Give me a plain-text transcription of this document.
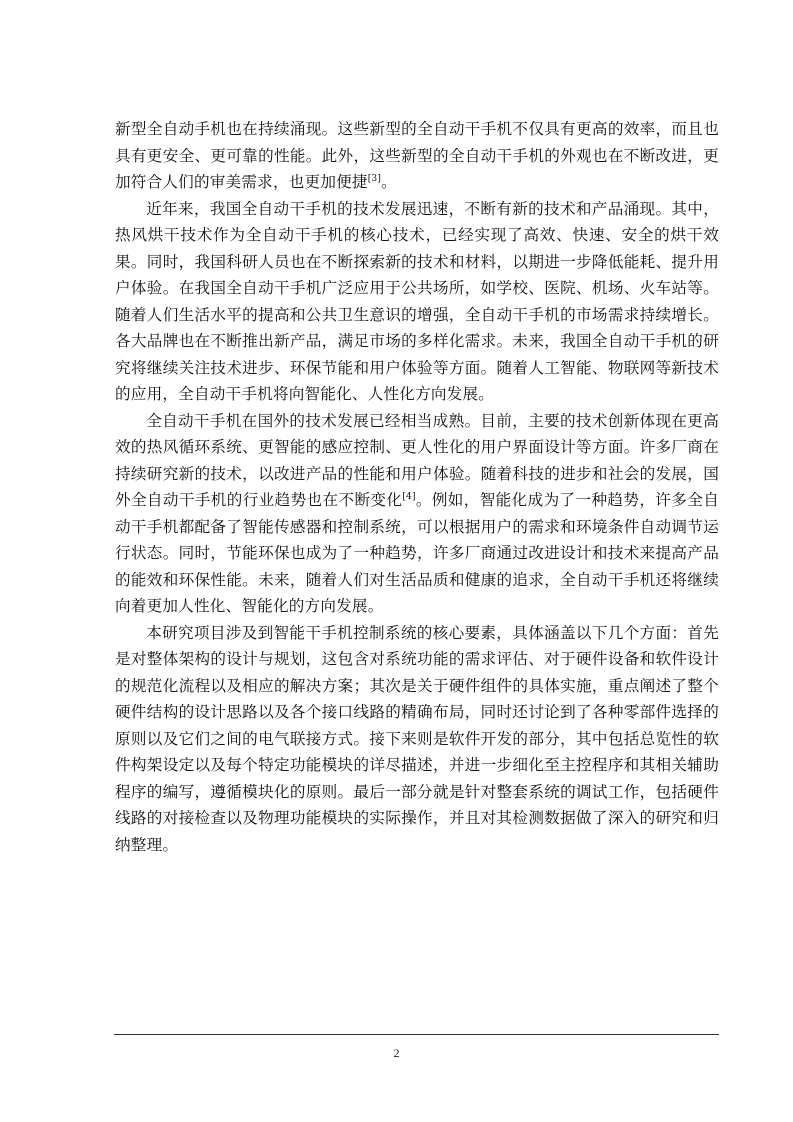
新型全自动手机也在持续涌现。这些新型的全自动干手机不仅具有更高的效率，而且也具有更安全、更可靠的性能。此外，这些新型的全自动干手机的外观也在不断改进，更加符合人们的审美需求，也更加便捷[3]。

近年来，我国全自动干手机的技术发展迅速，不断有新的技术和产品涌现。其中，热风烘干技术作为全自动干手机的核心技术，已经实现了高效、快速、安全的烘干效果。同时，我国科研人员也在不断探索新的技术和材料，以期进一步降低能耗、提升用户体验。在我国全自动干手机广泛应用于公共场所，如学校、医院、机场、火车站等。随着人们生活水平的提高和公共卫生意识的增强，全自动干手机的市场需求持续增长。各大品牌也在不断推出新产品，满足市场的多样化需求。未来，我国全自动干手机的研究将继续关注技术进步、环保节能和用户体验等方面。随着人工智能、物联网等新技术的应用，全自动干手机将向智能化、人性化方向发展。

全自动干手机在国外的技术发展已经相当成熟。目前，主要的技术创新体现在更高效的热风循环系统、更智能的感应控制、更人性化的用户界面设计等方面。许多厂商在持续研究新的技术，以改进产品的性能和用户体验。随着科技的进步和社会的发展，国外全自动干手机的行业趋势也在不断变化[4]。例如，智能化成为了一种趋势，许多全自动干手机都配备了智能传感器和控制系统，可以根据用户的需求和环境条件自动调节运行状态。同时，节能环保也成为了一种趋势，许多厂商通过改进设计和技术来提高产品的能效和环保性能。未来，随着人们对生活品质和健康的追求，全自动干手机还将继续向着更加人性化、智能化的方向发展。

本研究项目涉及到智能干手机控制系统的核心要素，具体涵盖以下几个方面：首先是对整体架构的设计与规划，这包含对系统功能的需求评估、对于硬件设备和软件设计的规范化流程以及相应的解决方案；其次是关于硬件组件的具体实施，重点阐述了整个硬件结构的设计思路以及各个接口线路的精确布局，同时还讨论到了各种零部件选择的原则以及它们之间的电气联接方式。接下来则是软件开发的部分，其中包括总览性的软件构架设定以及每个特定功能模块的详尽描述，并进一步细化至主控程序和其相关辅助程序的编写，遵循模块化的原则。最后一部分就是针对整套系统的调试工作，包括硬件线路的对接检查以及物理功能模块的实际操作，并且对其检测数据做了深入的研究和归纳整理。

2
